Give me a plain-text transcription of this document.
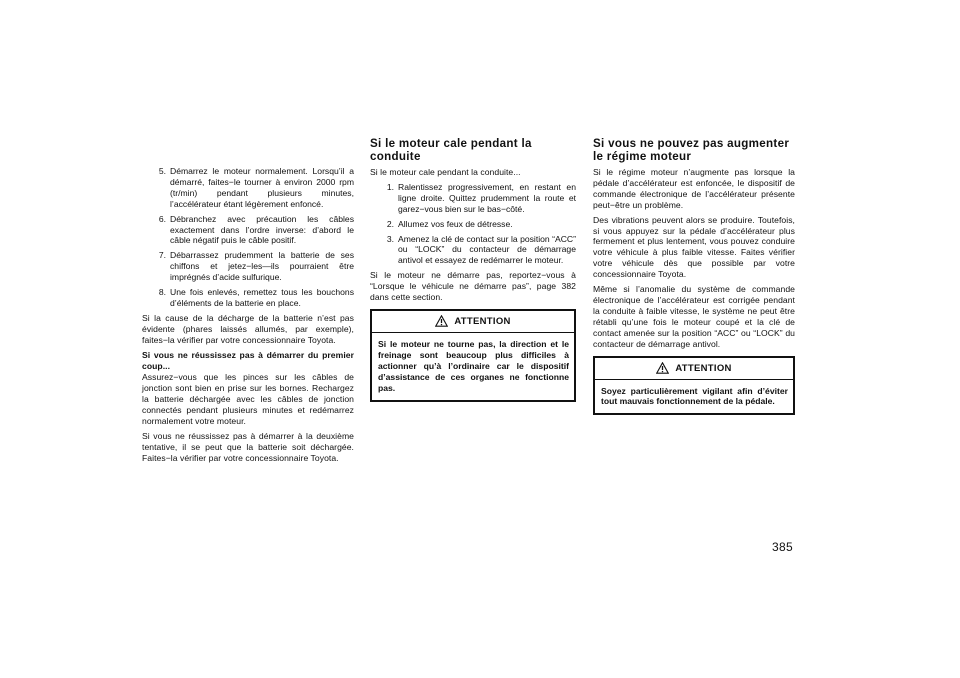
5. Démarrez le moteur normalement. Lorsqu’il a démarré, faites−le tourner à environ 2000 rpm (tr/min) pendant plusieurs minutes, l’accélérateur étant légèrement enfoncé.
6. Débranchez avec précaution les câbles exactement dans l’ordre inverse: d’abord le câble négatif puis le câble positif.
7. Débarrassez prudemment la batterie de ses chiffons et jetez−les—ils pourraient être imprégnés d’acide sulfurique.
8. Une fois enlevés, remettez tous les bouchons d’éléments de la batterie en place.

Si la cause de la décharge de la batterie n’est pas évidente (phares laissés allumés, par exemple), faites−la vérifier par votre concessionnaire Toyota.

Si vous ne réussissez pas à démarrer du premier coup...

Assurez−vous que les pinces sur les câbles de jonction sont bien en prise sur les bornes. Rechargez la batterie déchargée avec les câbles de jonction connectés pendant plusieurs minutes et redémarrez normalement votre moteur.

Si vous ne réussissez pas à démarrer à la deuxième tentative, il se peut que la batterie soit déchargée. Faites−la vérifier par votre concessionnaire Toyota.

Si le moteur cale pendant la conduite

Si le moteur cale pendant la conduite...

1. Ralentissez progressivement, en restant en ligne droite. Quittez prudemment la route et garez−vous bien sur le bas−côté.
2. Allumez vos feux de détresse.
3. Amenez la clé de contact sur la position “ACC” ou “LOCK” du contacteur de démarrage antivol et essayez de redémarrer le moteur.

Si le moteur ne démarre pas, reportez−vous à “Lorsque le véhicule ne démarre pas”, page 382 dans cette section.

ATTENTION
Si le moteur ne tourne pas, la direction et le freinage sont beaucoup plus difficiles à actionner qu’à l’ordinaire car le dispositif d’assistance de ces organes ne fonctionne pas.
Si vous ne pouvez pas augmenter le régime moteur

Si le régime moteur n’augmente pas lorsque la pédale d’accélérateur est enfoncée, le dispositif de commande électronique de l’accélérateur présente peut−être un problème.

Des vibrations peuvent alors se produire. Toutefois, si vous appuyez sur la pédale d’accélérateur plus fermement et plus lentement, vous pouvez conduire votre véhicule à plus faible vitesse. Faites vérifier votre véhicule dès que possible par votre concessionnaire Toyota.

Même si l’anomalie du système de commande électronique de l’accélérateur est corrigée pendant la conduite à faible vitesse, le système ne peut être rétabli qu’une fois le moteur coupé et la clé de contact amenée sur la position “ACC” ou “LOCK” du contacteur de démarrage antivol.

ATTENTION
Soyez particulièrement vigilant afin d’éviter tout mauvais fonctionnement de la pédale.
385
